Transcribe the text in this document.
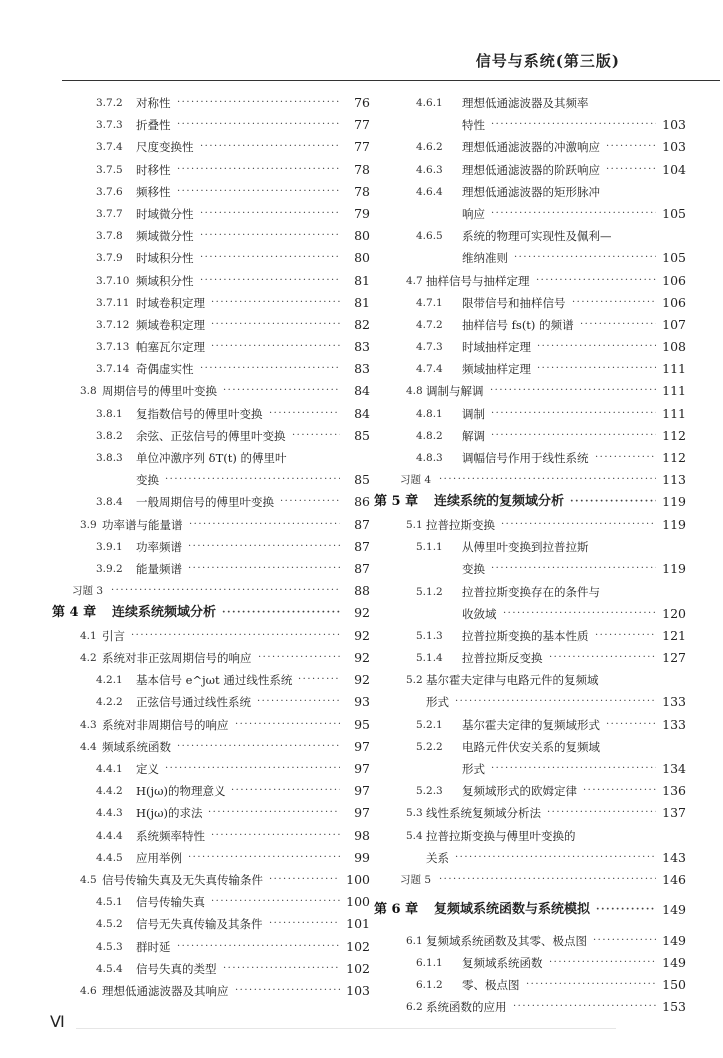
信号与系统(第三版)
3.7.2 对称性 ·····	76
3.7.3 折叠性 ·····	77
3.7.4 尺度变换性 ·····	77
3.7.5 时移性 ·····	78
3.7.6 频移性 ·····	78
3.7.7 时域微分性 ·····	79
3.7.8 频域微分性 ·····	80
3.7.9 时域积分性 ·····	80
3.7.10 频域积分性 ·····	81
3.7.11 时域卷积定理 ·····	81
3.7.12 频域卷积定理 ·····	82
3.7.13 帕塞瓦尔定理 ·····	83
3.7.14 奇偶虚实性 ·····	83
3.8 周期信号的傅里叶变换 ·····	84
3.8.1 复指数信号的傅里叶变换 ·····	84
3.8.2 余弦、正弦信号的傅里叶变换 ·····	85
3.8.3 单位冲激序列 δT(t) 的傅里叶
变换 ·····	85
3.8.4 一般周期信号的傅里叶变换 ·····	86
3.9 功率谱与能量谱 ·····	87
3.9.1 功率频谱 ·····	87
3.9.2 能量频谱 ·····	87
习题 3 ·····	88
第 4 章 连续系统频域分析 ·····	92
4.1 引言 ·····	92
4.2 系统对非正弦周期信号的响应 ·····	92
4.2.1 基本信号 e^jωt 通过线性系统 ·····	92
4.2.2 正弦信号通过线性系统 ·····	93
4.3 系统对非周期信号的响应 ·····	95
4.4 频域系统函数 ·····	97
4.4.1 定义 ·····	97
4.4.2 H(jω)的物理意义 ·····	97
4.4.3 H(jω)的求法 ·····	97
4.4.4 系统频率特性 ·····	98
4.4.5 应用举例 ·····	99
4.5 信号传输失真及无失真传输条件 ·····	100
4.5.1 信号传输失真 ·····	100
4.5.2 信号无失真传输及其条件 ·····	101
4.5.3 群时延 ·····	102
4.5.4 信号失真的类型 ·····	102
4.6 理想低通滤波器及其响应 ·····	103
4.6.1 理想低通滤波器及其频率
特性 ·····	103
4.6.2 理想低通滤波器的冲激响应 ·····	103
4.6.3 理想低通滤波器的阶跃响应 ·····	104
4.6.4 理想低通滤波器的矩形脉冲
响应 ·····	105
4.6.5 系统的物理可实现性及佩利—
维纳准则 ·····	105
4.7 抽样信号与抽样定理 ·····	106
4.7.1 限带信号和抽样信号 ·····	106
4.7.2 抽样信号 fs(t) 的频谱 ·····	107
4.7.3 时域抽样定理 ·····	108
4.7.4 频域抽样定理 ·····	111
4.8 调制与解调 ·····	111
4.8.1 调制 ·····	111
4.8.2 解调 ·····	112
4.8.3 调幅信号作用于线性系统 ·····	112
习题 4 ·····	113
第 5 章 连续系统的复频域分析 ·····	119
5.1 拉普拉斯变换 ·····	119
5.1.1 从傅里叶变换到拉普拉斯
变换 ·····	119
5.1.2 拉普拉斯变换存在的条件与
收敛域 ·····	120
5.1.3 拉普拉斯变换的基本性质 ·····	121
5.1.4 拉普拉斯反变换 ·····	127
5.2 基尔霍夫定律与电路元件的复频域
形式 ·····	133
5.2.1 基尔霍夫定律的复频域形式 ·····	133
5.2.2 电路元件伏安关系的复频域
形式 ·····	134
5.2.3 复频域形式的欧姆定律 ·····	136
5.3 线性系统复频域分析法 ·····	137
5.4 拉普拉斯变换与傅里叶变换的
关系 ·····	143
习题 5 ·····	146
第 6 章 复频域系统函数与系统模拟 ·····	149
6.1 复频域系统函数及其零、极点图 ·····	149
6.1.1 复频域系统函数 ·····	149
6.1.2 零、极点图 ·····	150
6.2 系统函数的应用 ·····	153
Ⅵ
